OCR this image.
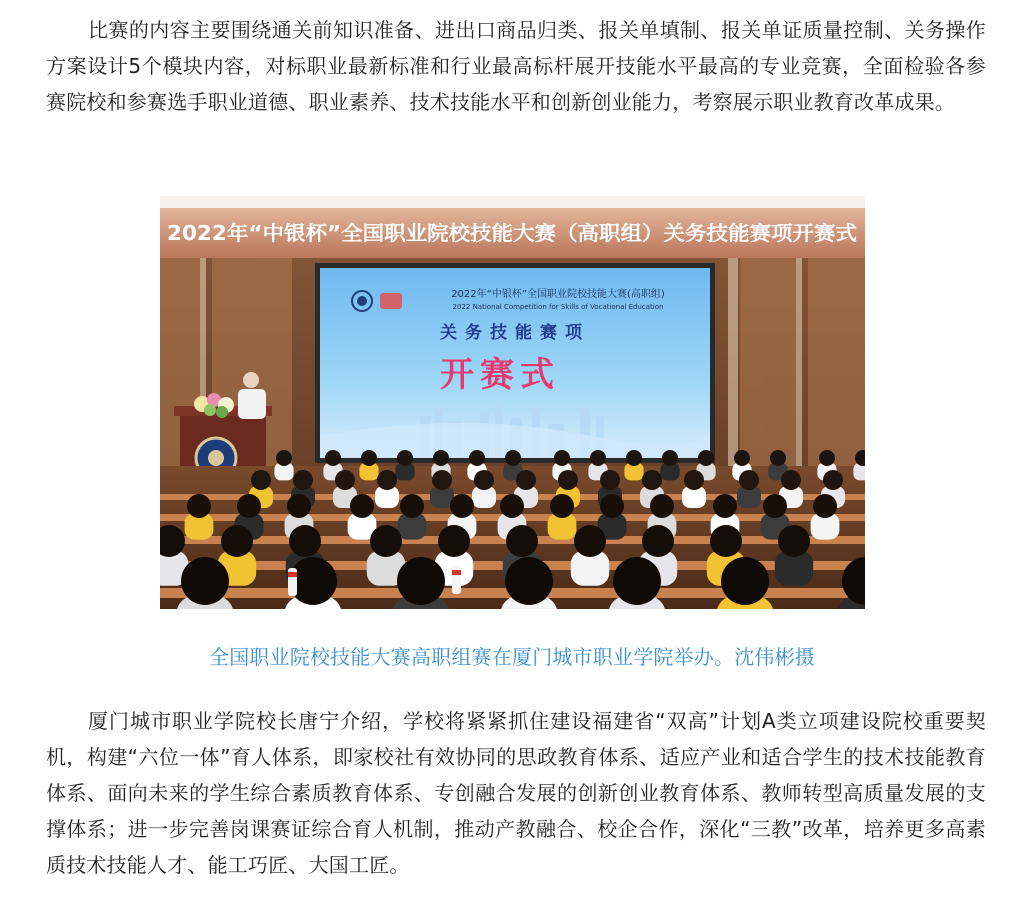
比赛的内容主要围绕通关前知识准备、进出口商品归类、报关单填制、报关单证质量控制、关务操作方案设计5个模块内容，对标职业最新标准和行业最高标杆展开技能水平最高的专业竞赛，全面检验各参赛院校和参赛选手职业道德、职业素养、技术技能水平和创新创业能力，考察展示职业教育改革成果。

2022年“中银杯”全国职业院校技能大赛（高职组）关务技能赛项开赛式
2022年“中银杯”全国职业院校技能大赛(高职组)
2022 National Competition for Skills of Vocational Education
关务技能赛项
开赛式

全国职业院校技能大赛高职组赛在厦门城市职业学院举办。沈伟彬摄

厦门城市职业学院校长唐宁介绍，学校将紧紧抓住建设福建省“双高”计划A类立项建设院校重要契机，构建“六位一体”育人体系，即家校社有效协同的思政教育体系、适应产业和适合学生的技术技能教育体系、面向未来的学生综合素质教育体系、专创融合发展的创新创业教育体系、教师转型高质量发展的支撑体系；进一步完善岗课赛证综合育人机制，推动产教融合、校企合作，深化“三教”改革，培养更多高素质技术技能人才、能工巧匠、大国工匠。
